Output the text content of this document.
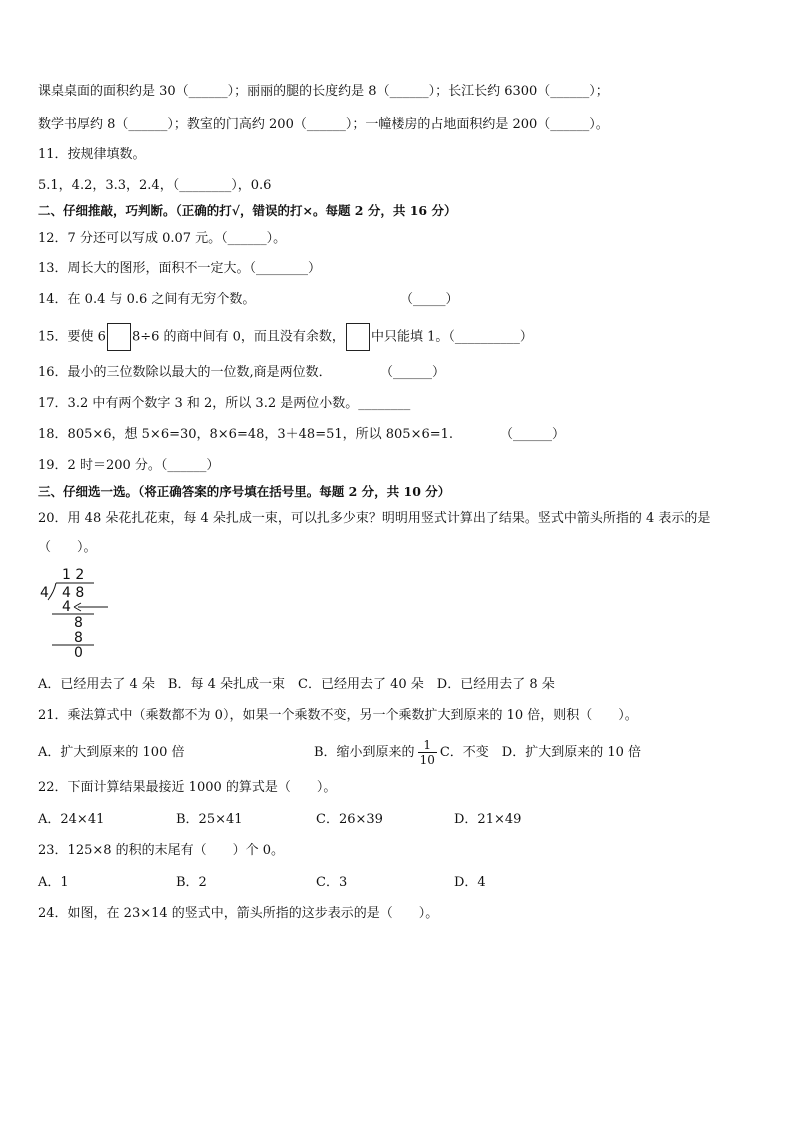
课桌桌面的面积约是 30（______）；丽丽的腿的长度约是 8（______）；长江长约 6300（______）；
数学书厚约 8（______）；教室的门高约 200（______）；一幢楼房的占地面积约是 200（______）。
11．按规律填数。
5.1，4.2，3.3，2.4，（________），0.6
二、仔细推敲，巧判断。（正确的打√，错误的打×。每题 2 分，共 16 分）
12．7 分还可以写成 0.07 元。（______）。
13．周长大的图形，面积不一定大。（________）
14．在 0.4 与 0.6 之间有无穷个数。	（_____）
15．要使 6 8÷6 的商中间有 0，而且没有余数， 中只能填 1。（__________）
16．最小的三位数除以最大的一位数,商是两位数．	（______）
17．3.2 中有两个数字 3 和 2，所以 3.2 是两位小数。________
18．805×6，想 5×6=30，8×6=48，3＋48=51，所以 805×6=1.	（______）
19．2 时＝200 分。（______）
三、仔细选一选。（将正确答案的序号填在括号里。每题 2 分，共 10 分）
20．用 48 朵花扎花束，每 4 朵扎成一束，可以扎多少束？明明用竖式计算出了结果。竖式中箭头所指的 4 表示的是
（　　）。
1 2
4 4 8
4
8
8
0
A．已经用去了 4 朵　B．每 4 朵扎成一束　C．已经用去了 40 朵　D．已经用去了 8 朵
21．乘法算式中（乘数都不为 0），如果一个乘数不变，另一个乘数扩大到原来的 10 倍，则积（　　）。
A．扩大到原来的 100 倍	B．缩小到原来的 $\frac{1}{10}$ C．不变　D．扩大到原来的 10 倍
22．下面计算结果最接近 1000 的算式是（　　）。
A．24×41	B．25×41	C．26×39	D．21×49
23．125×8 的积的末尾有（　　）个 0。
A．1	B．2	C．3	D．4
24．如图，在 23×14 的竖式中，箭头所指的这步表示的是（　　）。
